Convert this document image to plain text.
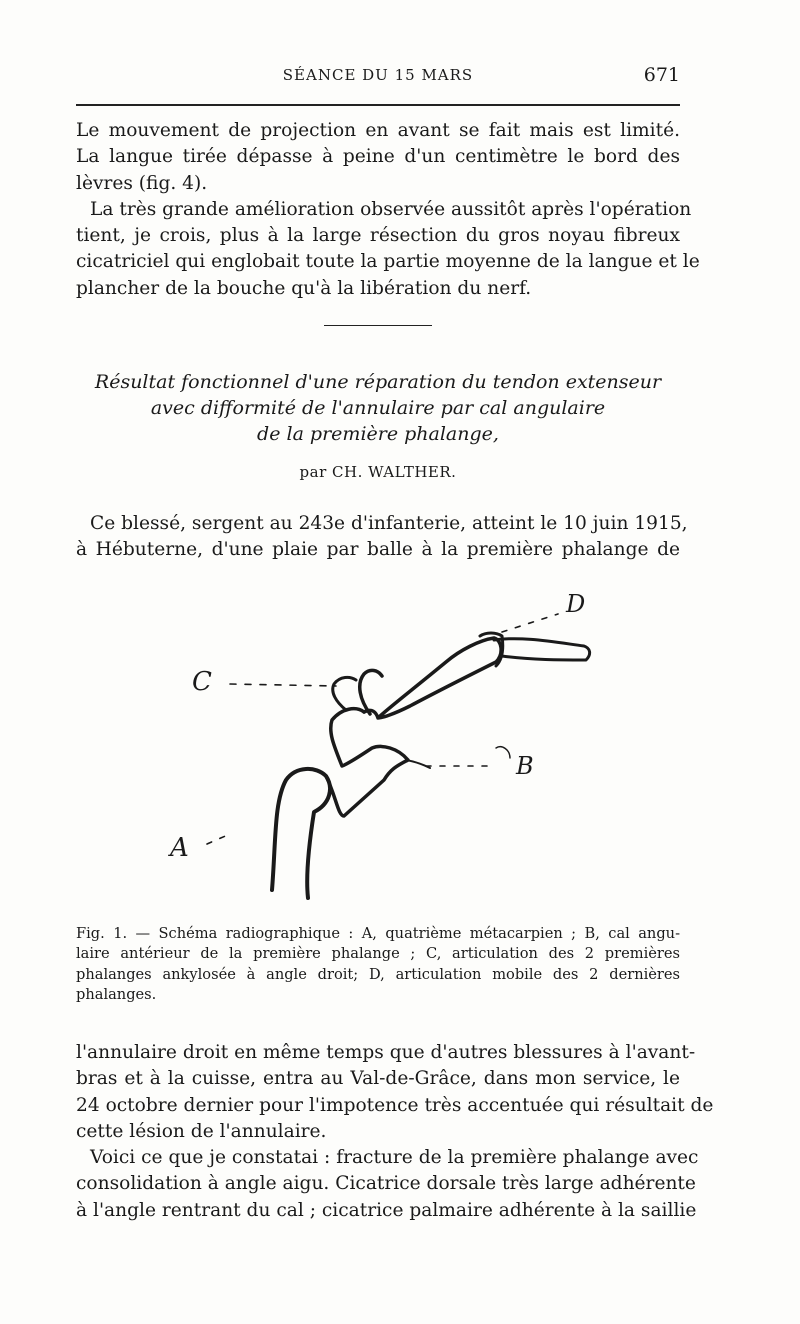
SÉANCE DU 15 MARS	671
Le mouvement de projection en avant se fait mais est limité.
La langue tirée dépasse à peine d'un centimètre le bord des
lèvres (fig. 4).
La très grande amélioration observée aussitôt après l'opération
tient, je crois, plus à la large résection du gros noyau fibreux
cicatriciel qui englobait toute la partie moyenne de la langue et le
plancher de la bouche qu'à la libération du nerf.
Résultat fonctionnel d'une réparation du tendon extenseur
avec difformité de l'annulaire par cal angulaire
de la première phalange,
par CH. WALTHER.
Ce blessé, sergent au 243e d'infanterie, atteint le 10 juin 1915,
à Hébuterne, d'une plaie par balle à la première phalange de
A
B
C
D
Fig. 1. — Schéma radiographique : A, quatrième métacarpien ; B, cal angu-
laire antérieur de la première phalange ; C, articulation des 2 premières
phalanges ankylosée à angle droit; D, articulation mobile des 2 dernières
phalanges.
l'annulaire droit en même temps que d'autres blessures à l'avant-
bras et à la cuisse, entra au Val-de-Grâce, dans mon service, le
24 octobre dernier pour l'impotence très accentuée qui résultait de
cette lésion de l'annulaire.
Voici ce que je constatai : fracture de la première phalange avec
consolidation à angle aigu. Cicatrice dorsale très large adhérente
à l'angle rentrant du cal ; cicatrice palmaire adhérente à la saillie
